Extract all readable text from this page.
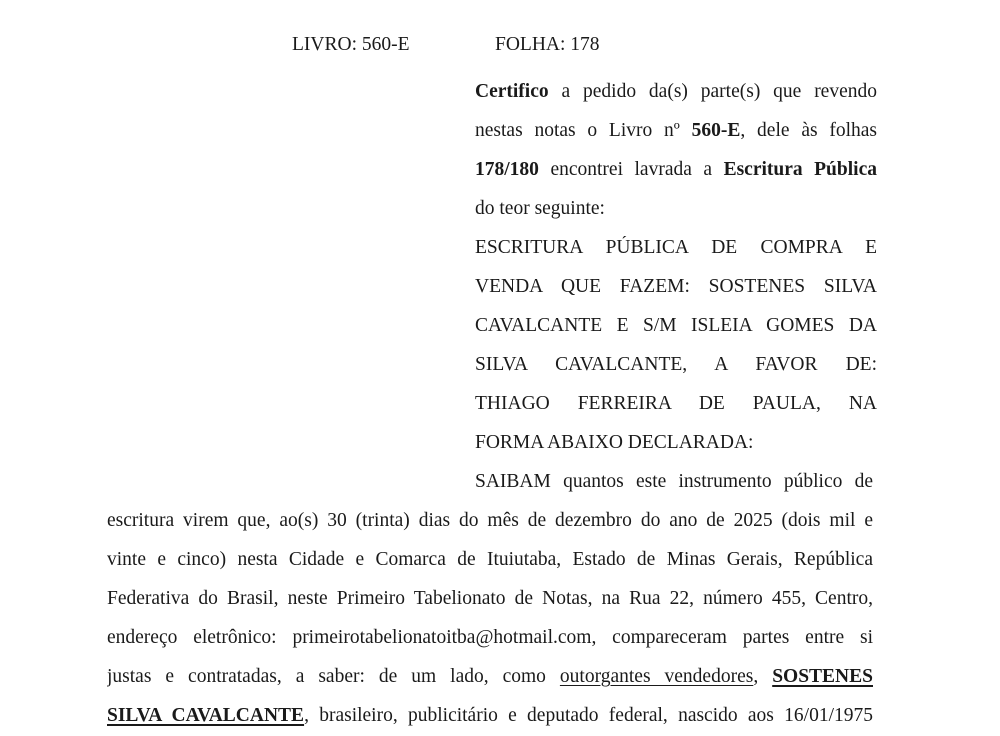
LIVRO: 560-E	FOLHA: 178
Certifico a pedido da(s) parte(s) que revendo
nestas notas o Livro nº 560-E, dele às folhas
178/180 encontrei lavrada a Escritura Pública
do teor seguinte:
ESCRITURA PÚBLICA DE COMPRA E
VENDA QUE FAZEM: SOSTENES SILVA
CAVALCANTE E S/M ISLEIA GOMES DA
SILVA CAVALCANTE, A FAVOR DE:
THIAGO FERREIRA DE PAULA, NA
FORMA ABAIXO DECLARADA:
SAIBAM quantos este instrumento público de
escritura virem que, ao(s) 30 (trinta) dias do mês de dezembro do ano de 2025 (dois mil e
vinte e cinco) nesta Cidade e Comarca de Ituiutaba, Estado de Minas Gerais, República
Federativa do Brasil, neste Primeiro Tabelionato de Notas, na Rua 22, número 455, Centro,
endereço eletrônico: primeirotabelionatoitba@hotmail.com, compareceram partes entre si
justas e contratadas, a saber: de um lado, como outorgantes vendedores, SOSTENES
SILVA CAVALCANTE, brasileiro, publicitário e deputado federal, nascido aos 16/01/1975
